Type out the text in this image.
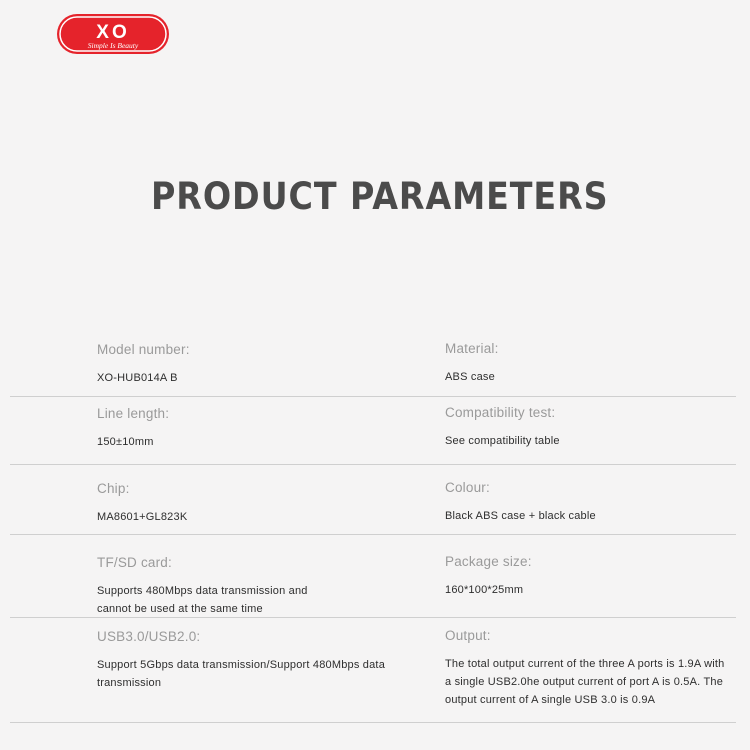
XO
Simple Is Beauty
PRODUCT PARAMETERS
Model number:
XO-HUB014A B
Material:
ABS case
Line length:
150±10mm
Compatibility test:
See compatibility table
Chip:
MA8601+GL823K
Colour:
Black ABS case + black cable
TF/SD card:
Supports 480Mbps data transmission and cannot be used at the same time
Package size:
160*100*25mm
USB3.0/USB2.0:
Support 5Gbps data transmission/Support 480Mbps data transmission
Output:
The total output current of the three A ports is 1.9A with a single USB2.0he output current of port A is 0.5A. The output current of A single USB 3.0 is 0.9A
